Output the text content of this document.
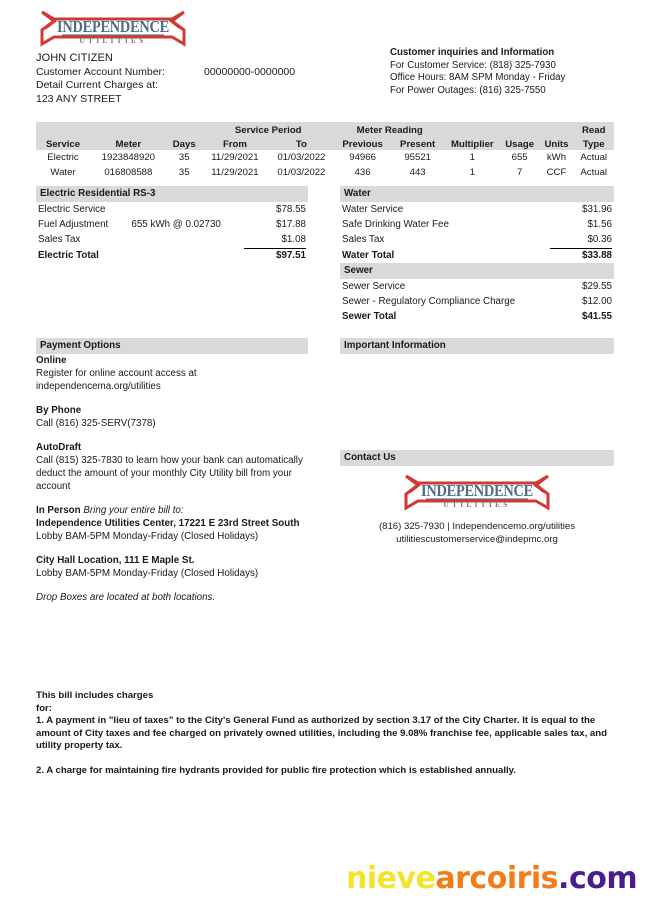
INDEPENDENCE
UTILITIES
JOHN CITIZEN
Customer Account Number:	00000000-0000000
Detail Current Charges at:
123 ANY STREET
Customer inquiries and Information
For Customer Service: (818) 325-7930
Office Hours: 8AM SPM Monday - Friday
For Power Outages: (816) 325-7550
Service	Meter	Days	Service Period		Meter Reading		Multiplier	Usage	Units	Read
			From	To	Previous	Present				Type
Electric	1923848920	35	11/29/2021	01/03/2022	94966	95521	1	655	kWh	Actual
Water	016808588	35	11/29/2021	01/03/2022	436	443	1	7	CCF	Actual
Electric Residential RS-3
Electric Service	$78.55
Fuel Adjustment	655 kWh @ 0.02730	$17.88
Sales Tax	$1.08
Electric Total	$97.51
Water
Water Service	$31.96
Safe Drinking Water Fee	$1.56
Sales Tax	$0.36
Water Total	$33.88
Sewer
Sewer Service	$29.55
Sewer - Regulatory Compliance Charge	$12.00
Sewer Total	$41.55
Payment Options
Online
Register for online account access at
independencema.org/utilities
By Phone
Call (816) 325-SERV(7378)
AutoDraft
Call (815) 325-7830 to learn how your bank can automatically
deduct the amount of your monthly City Utility bill from your
account
In Person Bring your entire bill to:
Independence Utilities Center, 17221 E 23rd Street South
Lobby BAM-5PM Monday-Friday (Closed Holidays)
City Hall Location, 111 E Maple St.
Lobby BAM-5PM Monday-Friday (Closed Holidays)
Drop Boxes are located at both locations.
Important Information
Contact Us
INDEPENDENCE
UTILITIES
(816) 325-7930 | Independencemo.org/utilities
utilitiescustomerservice@indepmc.org

This bill includes charges

for:

1. A payment in "lieu of taxes" to the City's General Fund as authorized by section 3.17 of the City Charter. It is equal to the amount of City taxes and fee charged on privately owned utilities, including the 9.08% franchise fee, applicable sales tax, and utility property tax.

2. A charge for maintaining fire hydrants provided for public fire protection which is established annually.

nievearcoiris.com
